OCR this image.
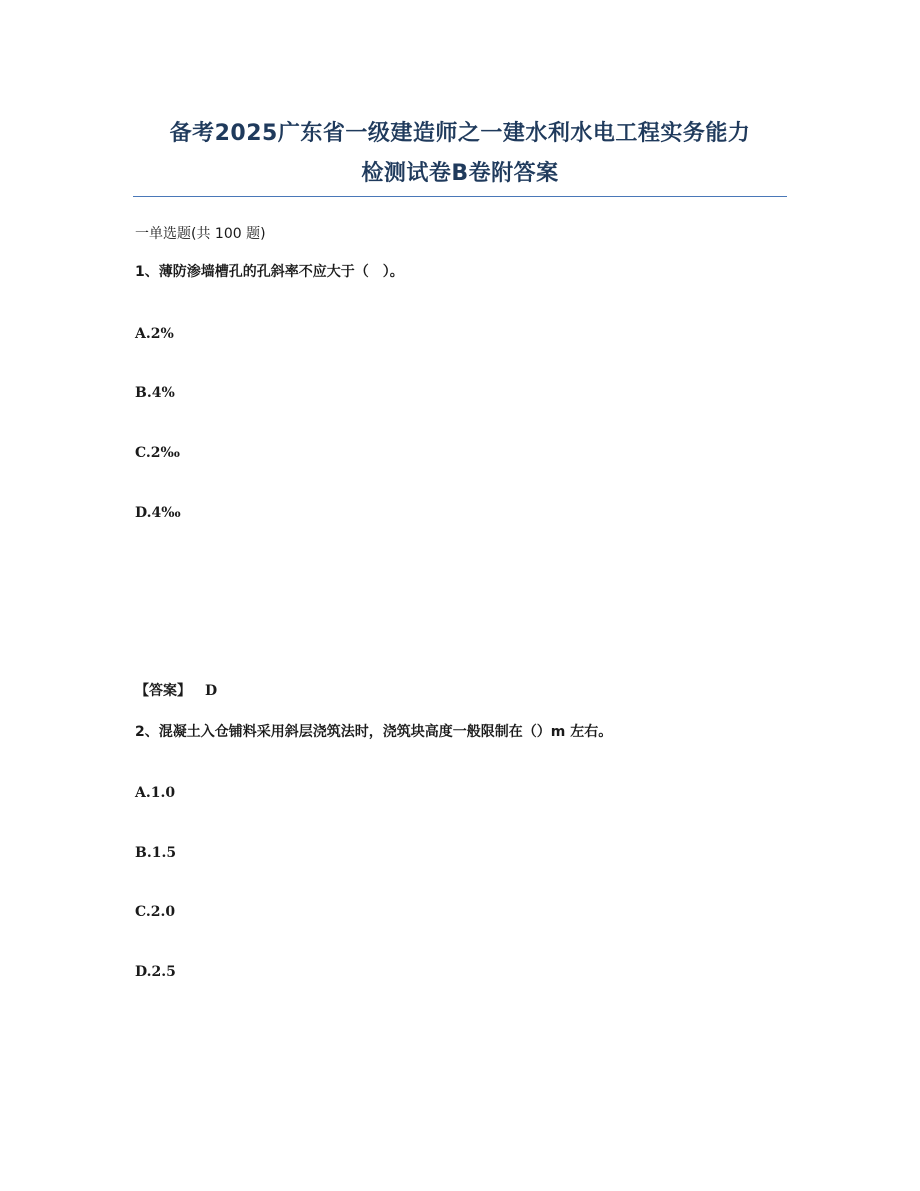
备考2025广东省一级建造师之一建水利水电工程实务能力
检测试卷B卷附答案
一单选题(共 100 题)
1、薄防渗墙槽孔的孔斜率不应大于（　）。
A.2%
B.4%
C.2‰
D.4‰
【答案】 D
2、混凝土入仓铺料采用斜层浇筑法时，浇筑块高度一般限制在（）m 左右。
A.1.0
B.1.5
C.2.0
D.2.5
